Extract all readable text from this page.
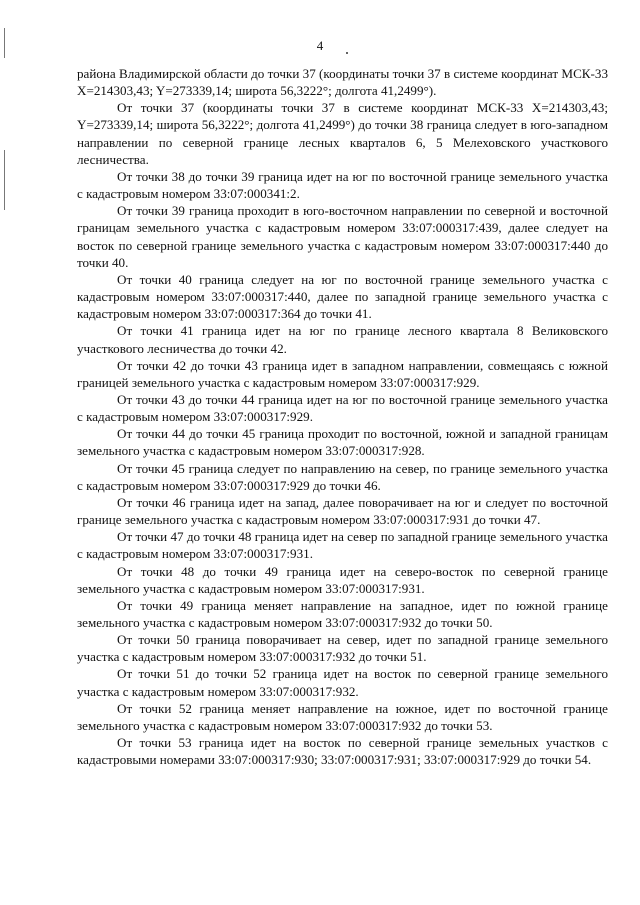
4

района Владимирской области до точки 37 (координаты точки 37 в системе координат МСК-33 X=214303,43; Y=273339,14; широта 56,3222°; долгота 41,2499°).

От точки 37 (координаты точки 37 в системе координат МСК-33 X=214303,43; Y=273339,14; широта 56,3222°; долгота 41,2499°) до точки 38 граница следует в юго-западном направлении по северной границе лесных кварталов 6, 5 Мелеховского участкового лесничества.

От точки 38 до точки 39 граница идет на юг по восточной границе земельного участка с кадастровым номером 33:07:000341:2.

От точки 39 граница проходит в юго-восточном направлении по северной и восточной границам земельного участка с кадастровым номером 33:07:000317:439, далее следует на восток по северной границе земельного участка с кадастровым номером 33:07:000317:440 до точки 40.

От точки 40 граница следует на юг по восточной границе земельного участка с кадастровым номером 33:07:000317:440, далее по западной границе земельного участка с кадастровым номером 33:07:000317:364 до точки 41.

От точки 41 граница идет на юг по границе лесного квартала 8 Великовского участкового лесничества до точки 42.

От точки 42 до точки 43 граница идет в западном направлении, совмещаясь с южной границей земельного участка с кадастровым номером 33:07:000317:929.

От точки 43 до точки 44 граница идет на юг по восточной границе земельного участка с кадастровым номером 33:07:000317:929.

От точки 44 до точки 45 граница проходит по восточной, южной и западной границам земельного участка с кадастровым номером 33:07:000317:928.

От точки 45 граница следует по направлению на север, по границе земельного участка с кадастровым номером 33:07:000317:929 до точки 46.

От точки 46 граница идет на запад, далее поворачивает на юг и следует по восточной границе земельного участка с кадастровым номером 33:07:000317:931 до точки 47.

От точки 47 до точки 48 граница идет на север по западной границе земельного участка с кадастровым номером 33:07:000317:931.

От точки 48 до точки 49 граница идет на северо-восток по северной границе земельного участка с кадастровым номером 33:07:000317:931.

От точки 49 граница меняет направление на западное, идет по южной границе земельного участка с кадастровым номером 33:07:000317:932 до точки 50.

От точки 50 граница поворачивает на север, идет по западной границе земельного участка с кадастровым номером 33:07:000317:932 до точки 51.

От точки 51 до точки 52 граница идет на восток по северной границе земельного участка с кадастровым номером 33:07:000317:932.

От точки 52 граница меняет направление на южное, идет по восточной границе земельного участка с кадастровым номером 33:07:000317:932 до точки 53.

От точки 53 граница идет на восток по северной границе земельных участков с кадастровыми номерами 33:07:000317:930; 33:07:000317:931; 33:07:000317:929 до точки 54.
